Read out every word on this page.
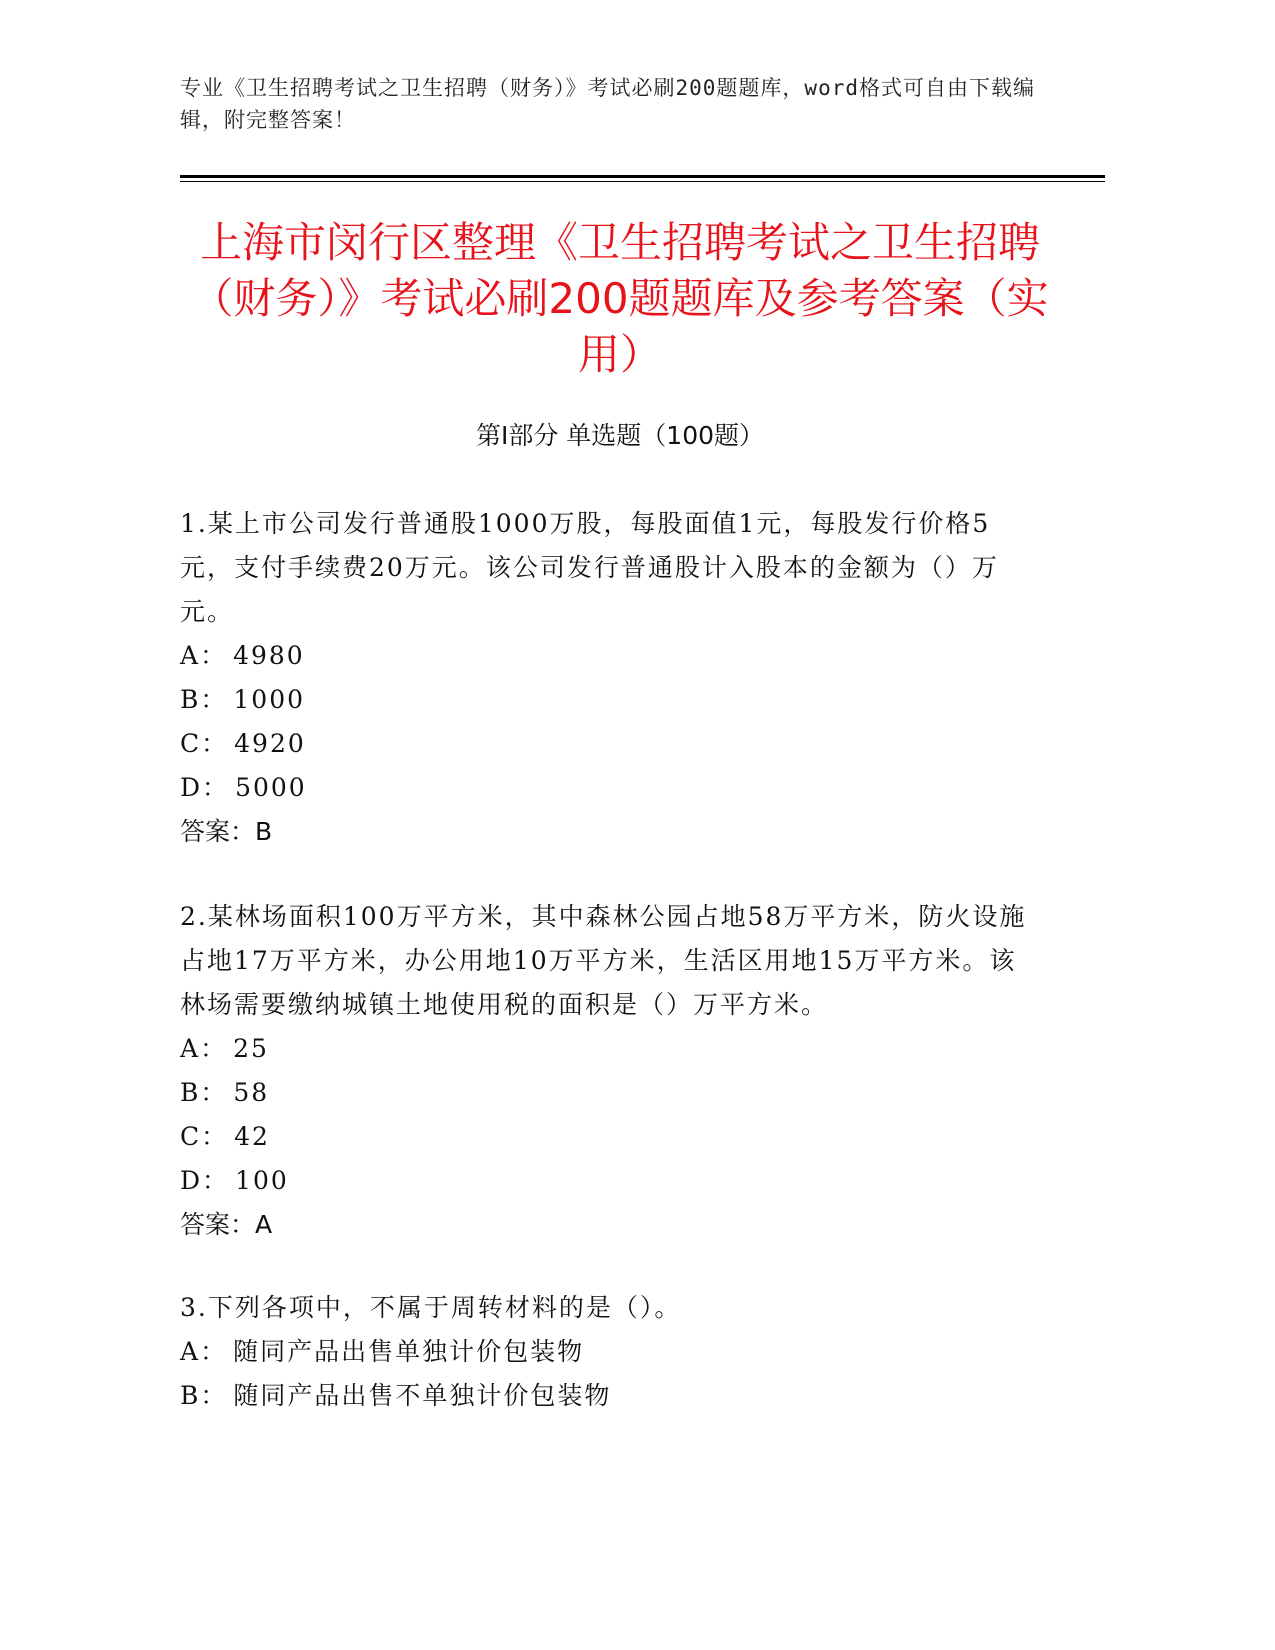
专业《卫生招聘考试之卫生招聘（财务）》考试必刷200题题库，word格式可自由下载编辑，附完整答案！
上海市闵行区整理《卫生招聘考试之卫生招聘（财务）》考试必刷200题题库及参考答案（实用）
第I部分 单选题（100题）
1.某上市公司发行普通股1000万股，每股面值1元，每股发行价格5元，支付手续费20万元。该公司发行普通股计入股本的金额为（）万元。
A： 4980
B： 1000
C： 4920
D： 5000
答案：B
2.某林场面积100万平方米，其中森林公园占地58万平方米，防火设施占地17万平方米，办公用地10万平方米，生活区用地15万平方米。该林场需要缴纳城镇土地使用税的面积是（）万平方米。
A： 25
B： 58
C： 42
D： 100
答案：A
3.下列各项中，不属于周转材料的是（）。
A： 随同产品出售单独计价包装物
B： 随同产品出售不单独计价包装物
